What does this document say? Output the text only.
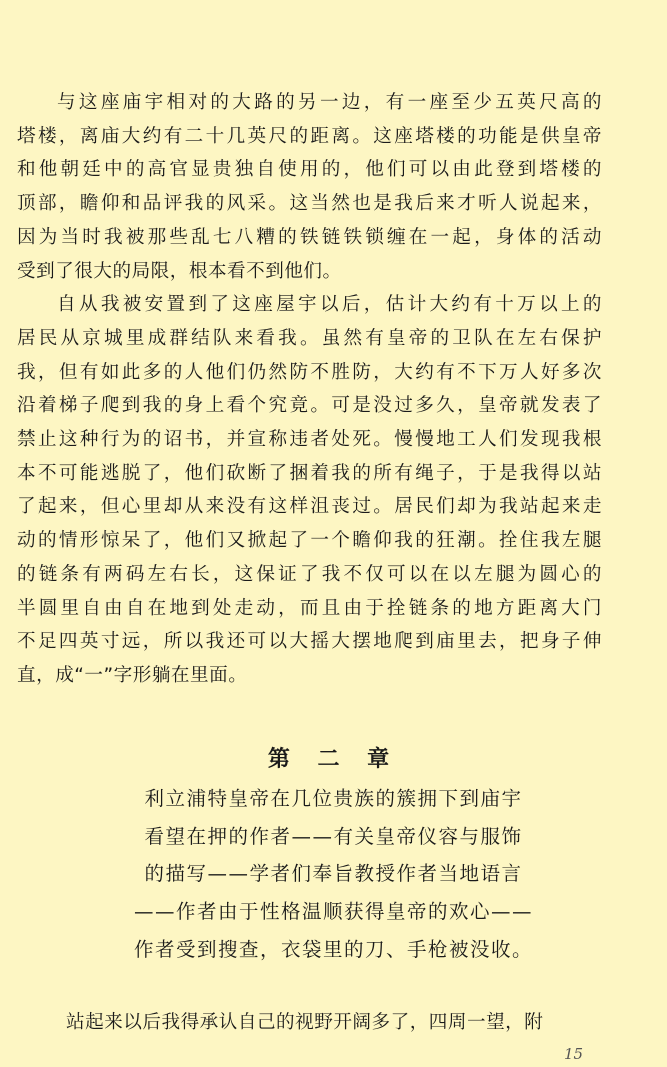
与这座庙宇相对的大路的另一边，有一座至少五英尺高的
塔楼，离庙大约有二十几英尺的距离。这座塔楼的功能是供皇帝
和他朝廷中的高官显贵独自使用的，他们可以由此登到塔楼的
顶部，瞻仰和品评我的风采。这当然也是我后来才听人说起来，
因为当时我被那些乱七八糟的铁链铁锁缠在一起，身体的活动
受到了很大的局限，根本看不到他们。

自从我被安置到了这座屋宇以后，估计大约有十万以上的
居民从京城里成群结队来看我。虽然有皇帝的卫队在左右保护
我，但有如此多的人他们仍然防不胜防，大约有不下万人好多次
沿着梯子爬到我的身上看个究竟。可是没过多久，皇帝就发表了
禁止这种行为的诏书，并宣称违者处死。慢慢地工人们发现我根
本不可能逃脱了，他们砍断了捆着我的所有绳子，于是我得以站
了起来，但心里却从来没有这样沮丧过。居民们却为我站起来走
动的情形惊呆了，他们又掀起了一个瞻仰我的狂潮。拴住我左腿
的链条有两码左右长，这保证了我不仅可以在以左腿为圆心的
半圆里自由自在地到处走动，而且由于拴链条的地方距离大门
不足四英寸远，所以我还可以大摇大摆地爬到庙里去，把身子伸
直，成“一”字形躺在里面。

第 二 章
利立浦特皇帝在几位贵族的簇拥下到庙宇
看望在押的作者——有关皇帝仪容与服饰
的描写——学者们奉旨教授作者当地语言
——作者由于性格温顺获得皇帝的欢心——
作者受到搜查，衣袋里的刀、手枪被没收。

站起来以后我得承认自己的视野开阔多了，四周一望，附

15
